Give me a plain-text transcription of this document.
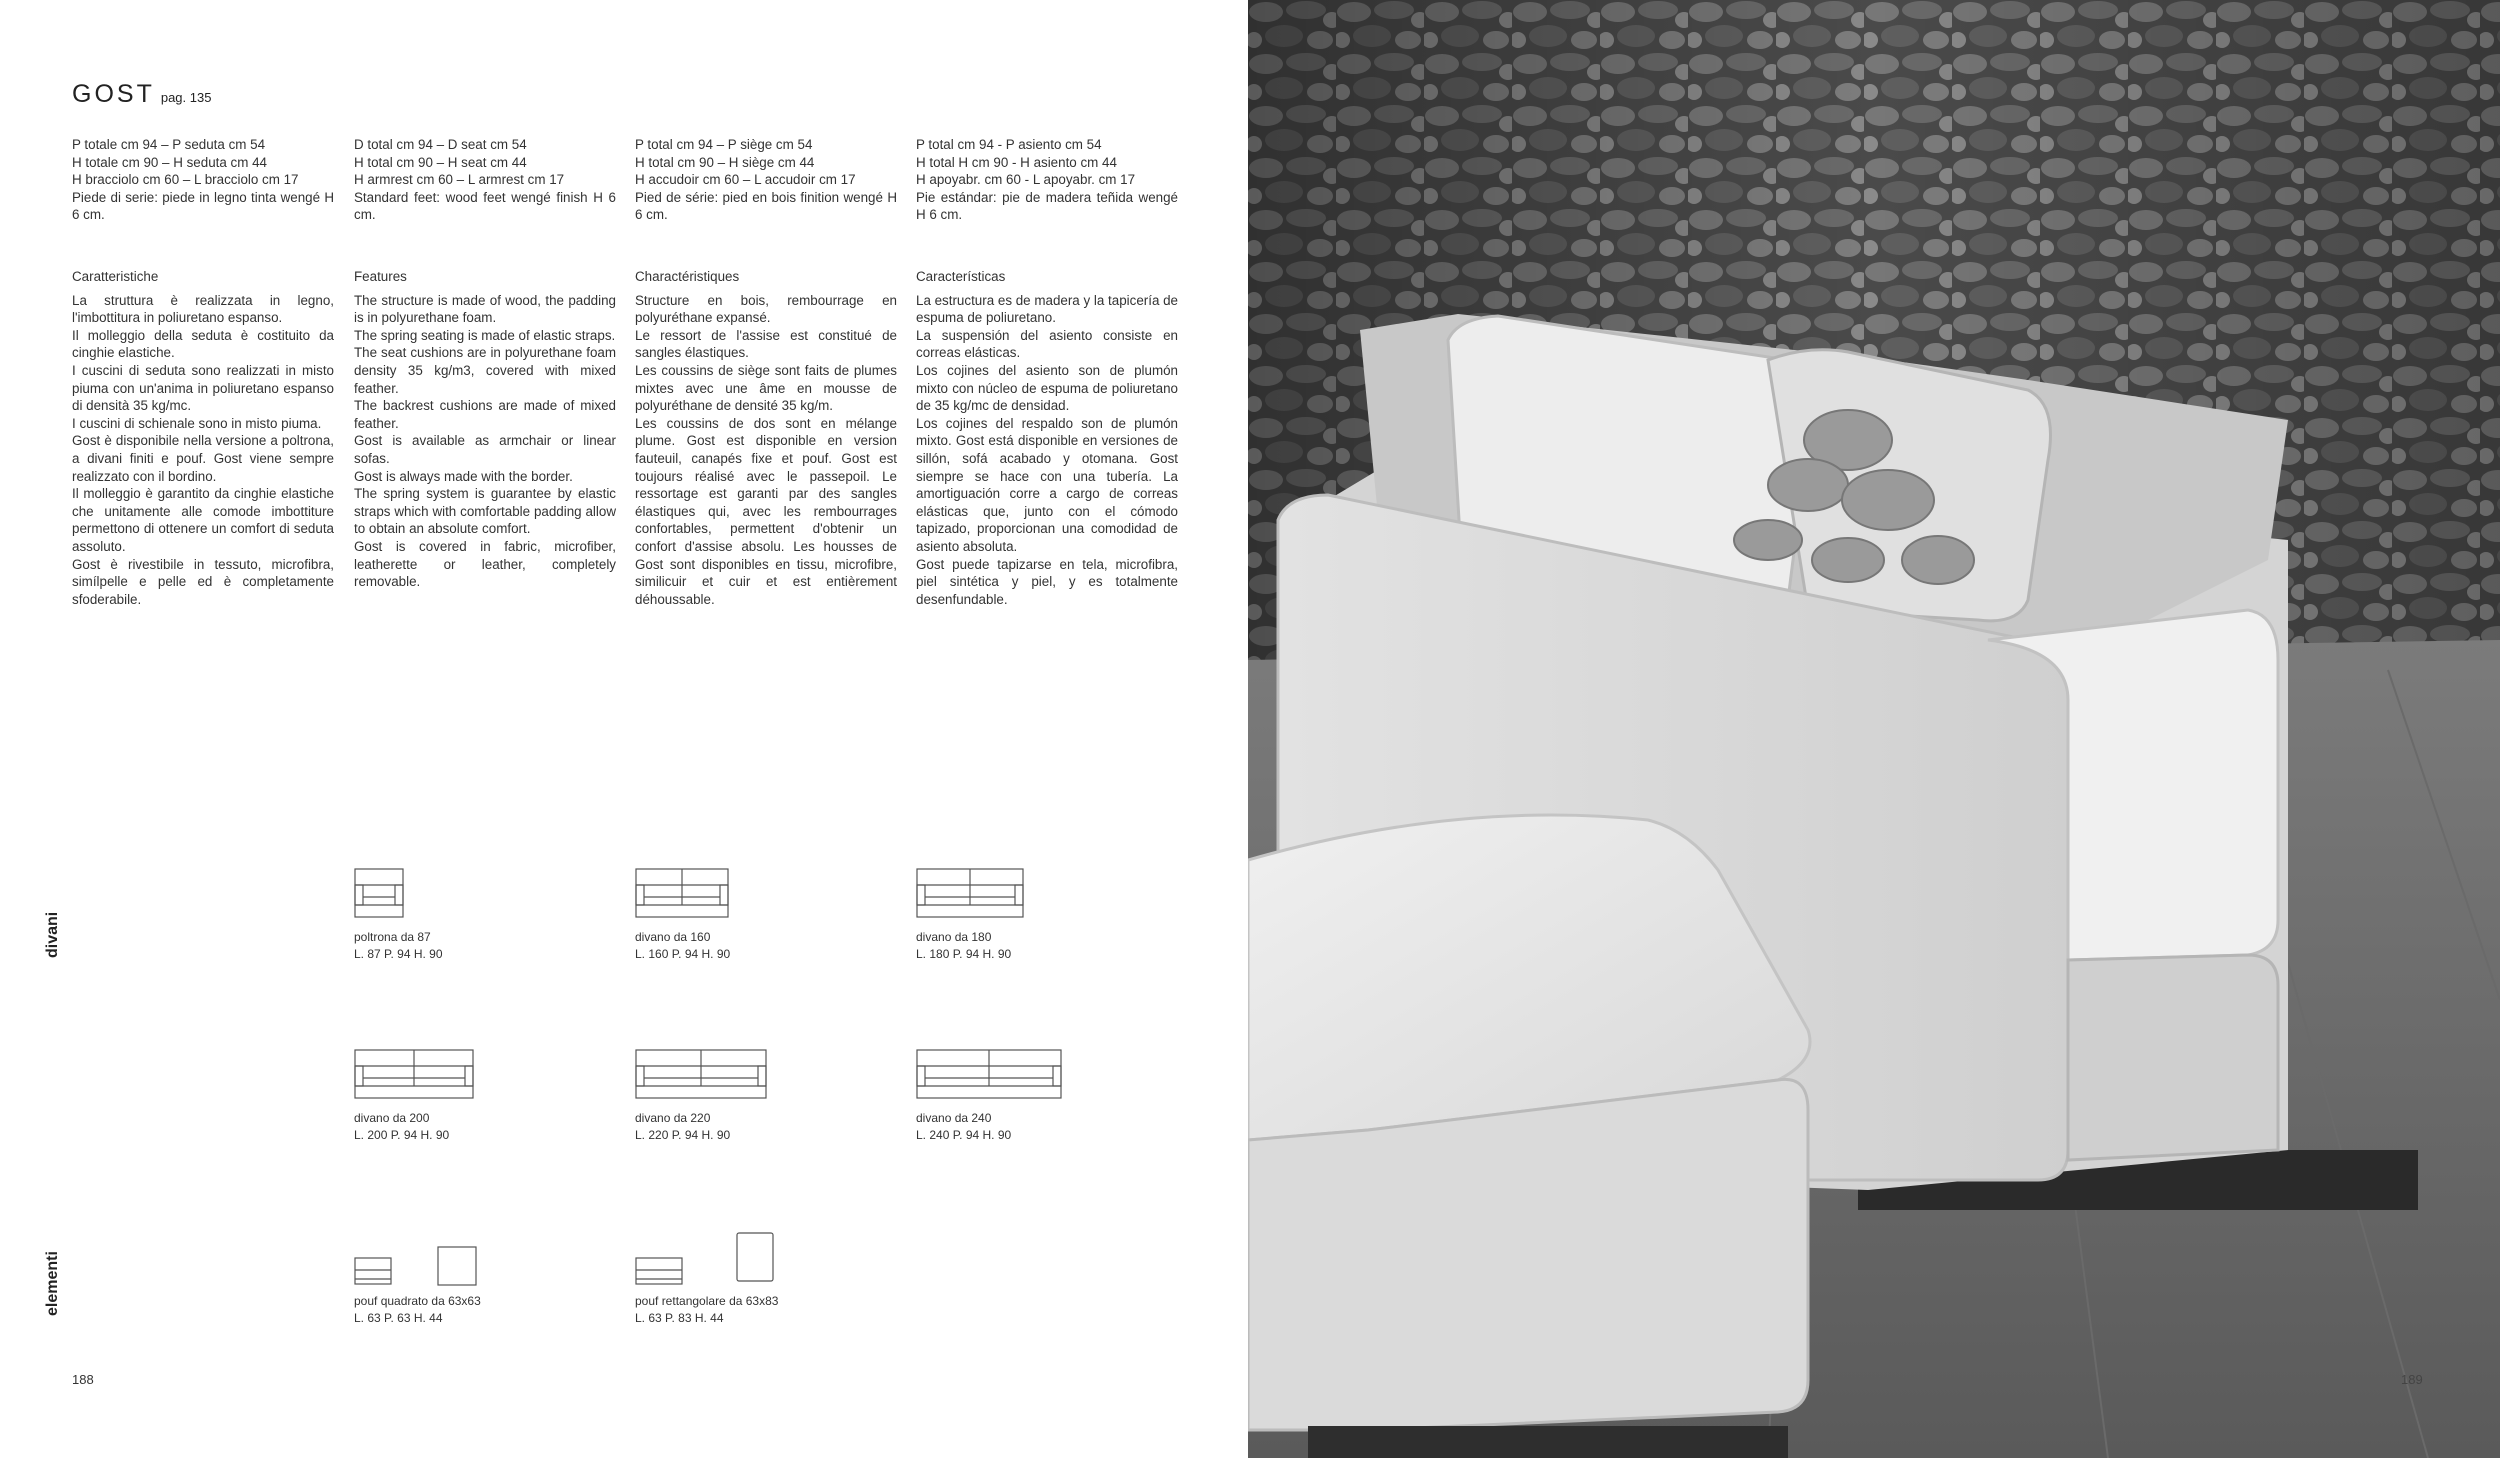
GOST pag. 135

P totale cm 94 – P seduta cm 54

H totale cm 90 – H seduta cm 44

H bracciolo cm 60 – L bracciolo cm 17

Piede di serie: piede in legno tinta wengé H 6 cm.

D total cm 94 – D seat cm 54

H total cm 90 – H seat cm 44

H armrest cm 60 – L armrest cm 17

Standard feet: wood feet wengé finish H 6 cm.

P total cm 94 – P siège cm 54

H total cm 90 – H siège cm 44

H accudoir cm 60 – L accudoir cm 17

Pied de série: pied en bois finition wengé H 6 cm.

P total cm 94 - P asiento cm 54

H total H cm 90 - H asiento cm 44

H apoyabr. cm 60 - L apoyabr. cm 17

Pie estándar: pie de madera teñida wengé H 6 cm.

Caratteristiche

La struttura è realizzata in legno, l'imbottitura in poliuretano espanso.

Il molleggio della seduta è costituito da cinghie elastiche.

I cuscini di seduta sono realizzati in misto piuma con un'anima in poliuretano espanso di densità 35 kg/mc.

I cuscini di schienale sono in misto piuma.

Gost è disponibile nella versione a poltrona, a divani finiti e pouf. Gost viene sempre realizzato con il bordino.

Il molleggio è garantito da cinghie elastiche che unitamente alle comode imbottiture permettono di ottenere un comfort di seduta assoluto.

Gost è rivestibile in tessuto, microfibra, simílpelle e pelle ed è completamente sfoderabile.

Features

The structure is made of wood, the padding is in polyurethane foam.

The spring seating is made of elastic straps.

The seat cushions are in polyurethane foam density 35 kg/m3, covered with mixed feather.

The backrest cushions are made of mixed feather.

Gost is available as armchair or linear sofas.

Gost is always made with the border.

The spring system is guarantee by elastic straps which with comfortable padding allow to obtain an absolute comfort.

Gost is covered in fabric, microfiber, leatherette or leather, completely removable.

Charactéristiques

Structure en bois, rembourrage en polyuréthane expansé.

Le ressort de l'assise est constitué de sangles élastiques.

Les coussins de siège sont faits de plumes mixtes avec une âme en mousse de polyuréthane de densité 35 kg/m.

Les coussins de dos sont en mélange plume. Gost est disponible en version fauteuil, canapés fixe et pouf. Gost est toujours réalisé avec le passepoil. Le ressortage est garanti par des sangles élastiques qui, avec les rembourrages confortables, permettent d'obtenir un confort d'assise absolu. Les housses de Gost sont disponibles en tissu, microfibre, similicuir et cuir et est entièrement déhoussable.

Características

La estructura es de madera y la tapicería de espuma de poliuretano.

La suspensión del asiento consiste en correas elásticas.

Los cojines del asiento son de plumón mixto con núcleo de espuma de poliuretano de 35 kg/mc de densidad.

Los cojines del respaldo son de plumón mixto. Gost está disponible en versiones de sillón, sofá acabado y otomana. Gost siempre se hace con una tubería. La amortiguación corre a cargo de correas elásticas que, junto con el cómodo tapizado, proporcionan una comodidad de asiento absoluta.

Gost puede tapizarse en tela, microfibra, piel sintética y piel, y es totalmente desenfundable.

divani
elementi
poltrona da 87
L. 87 P. 94 H. 90
divano da 160
L. 160 P. 94 H. 90
divano da 180
L. 180 P. 94 H. 90
divano da 200
L. 200 P. 94 H. 90
divano da 220
L. 220 P. 94 H. 90
divano da 240
L. 240 P. 94 H. 90
pouf quadrato da 63x63
L. 63 P. 63 H. 44
pouf rettangolare da 63x83
L. 63 P. 83 H. 44
188	189
